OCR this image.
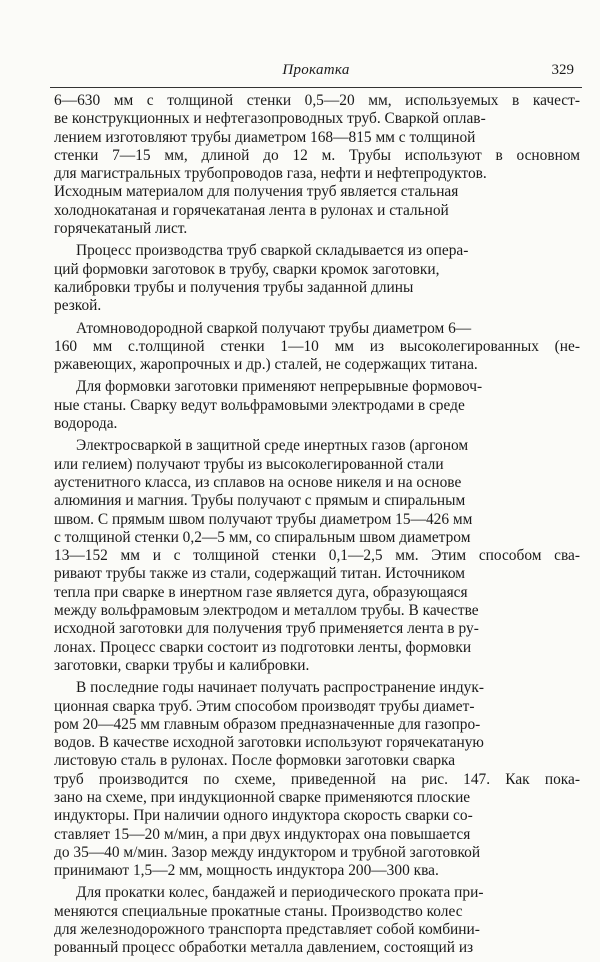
Прокатка	329
6—630 мм с толщиной стенки 0,5—20 мм, используемых в качест-
ве конструкционных и нефтегазопроводных труб. Сваркой оплав-
лением изготовляют трубы диаметром 168—815 мм с толщиной
стенки 7—15 мм, длиной до 12 м. Трубы используют в основном
для магистральных трубопроводов газа, нефти и нефтепродуктов.
Исходным материалом для получения труб является стальная
холоднокатаная и горячекатаная лента в рулонах и стальной
горячекатаный лист.
Процесс производства труб сваркой складывается из опера-
ций формовки заготовок в трубу, сварки кромок заготовки,
калибровки трубы и получения трубы заданной длины
резкой.
Атомноводородной сваркой получают трубы диаметром 6—
160 мм с.толщиной стенки 1—10 мм из высоколегированных (не-
ржавеющих, жаропрочных и др.) сталей, не содержащих титана.
Для формовки заготовки применяют непрерывные формовоч-
ные станы. Сварку ведут вольфрамовыми электродами в среде
водорода.
Электросваркой в защитной среде инертных газов (аргоном
или гелием) получают трубы из высоколегированной стали
аустенитного класса, из сплавов на основе никеля и на основе
алюминия и магния. Трубы получают с прямым и спиральным
швом. С прямым швом получают трубы диаметром 15—426 мм
с толщиной стенки 0,2—5 мм, со спиральным швом диаметром
13—152 мм и с толщиной стенки 0,1—2,5 мм. Этим способом сва-
ривают трубы также из стали, содержащий титан. Источником
тепла при сварке в инертном газе является дуга, образующаяся
между вольфрамовым электродом и металлом трубы. В качестве
исходной заготовки для получения труб применяется лента в ру-
лонах. Процесс сварки состоит из подготовки ленты, формовки
заготовки, сварки трубы и калибровки.
В последние годы начинает получать распространение индук-
ционная сварка труб. Этим способом производят трубы диамет-
ром 20—425 мм главным образом предназначенные для газопро-
водов. В качестве исходной заготовки используют горячекатаную
листовую сталь в рулонах. После формовки заготовки сварка
труб производится по схеме, приведенной на рис. 147. Как пока-
зано на схеме, при индукционной сварке применяются плоские
индукторы. При наличии одного индуктора скорость сварки со-
ставляет 15—20 м/мин, а при двух индукторах она повышается
до 35—40 м/мин. Зазор между индуктором и трубной заготовкой
принимают 1,5—2 мм, мощность индуктора 200—300 ква.
Для прокатки колес, бандажей и периодического проката при-
меняются специальные прокатные станы. Производство колес
для железнодорожного транспорта представляет собой комбини-
рованный процесс обработки металла давлением, состоящий из
